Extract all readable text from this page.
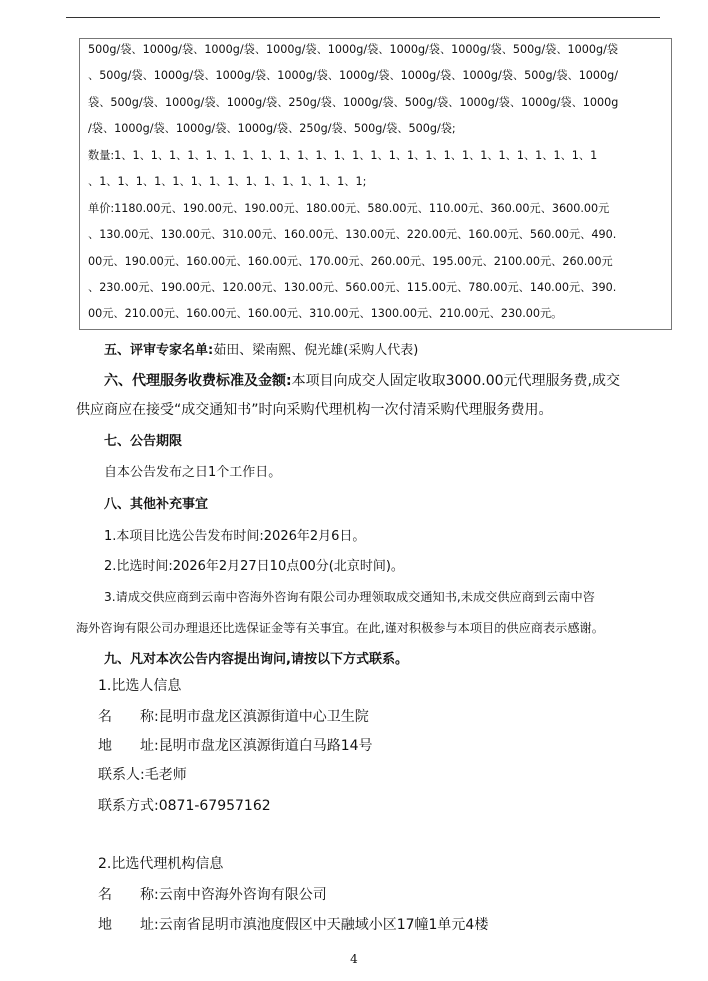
500g/袋、1000g/袋、1000g/袋、1000g/袋、1000g/袋、1000g/袋、1000g/袋、500g/袋、1000g/袋
、500g/袋、1000g/袋、1000g/袋、1000g/袋、1000g/袋、1000g/袋、1000g/袋、500g/袋、1000g/
袋、500g/袋、1000g/袋、1000g/袋、250g/袋、1000g/袋、500g/袋、1000g/袋、1000g/袋、1000g
/袋、1000g/袋、1000g/袋、1000g/袋、250g/袋、500g/袋、500g/袋;
数量:1、1、1、1、1、1、1、1、1、1、1、1、1、1、1、1、1、1、1、1、1、1、1、1、1、1、1
、1、1、1、1、1、1、1、1、1、1、1、1、1、1、1;
单价:1180.00元、190.00元、190.00元、180.00元、580.00元、110.00元、360.00元、3600.00元
、130.00元、130.00元、310.00元、160.00元、130.00元、220.00元、160.00元、560.00元、490.
00元、190.00元、160.00元、160.00元、170.00元、260.00元、195.00元、2100.00元、260.00元
、230.00元、190.00元、120.00元、130.00元、560.00元、115.00元、780.00元、140.00元、390.
00元、210.00元、160.00元、160.00元、310.00元、1300.00元、210.00元、230.00元。
五、评审专家名单:茹田、梁南熙、倪光雄(采购人代表)
六、代理服务收费标准及金额:本项目向成交人固定收取3000.00元代理服务费,成交
供应商应在接受“成交通知书”时向采购代理机构一次付清采购代理服务费用。
七、公告期限
自本公告发布之日1个工作日。
八、其他补充事宜
1.本项目比选公告发布时间:2026年2月6日。
2.比选时间:2026年2月27日10点00分(北京时间)。
3.请成交供应商到云南中咨海外咨询有限公司办理领取成交通知书,未成交供应商到云南中咨
海外咨询有限公司办理退还比选保证金等有关事宜。在此,谨对积极参与本项目的供应商表示感谢。
九、凡对本次公告内容提出询问,请按以下方式联系。
1.比选人信息
名　　称:昆明市盘龙区滇源街道中心卫生院
地　　址:昆明市盘龙区滇源街道白马路14号
联系人:毛老师
联系方式:0871-67957162
2.比选代理机构信息
名　　称:云南中咨海外咨询有限公司
地　　址:云南省昆明市滇池度假区中天融域小区17幢1单元4楼
4
